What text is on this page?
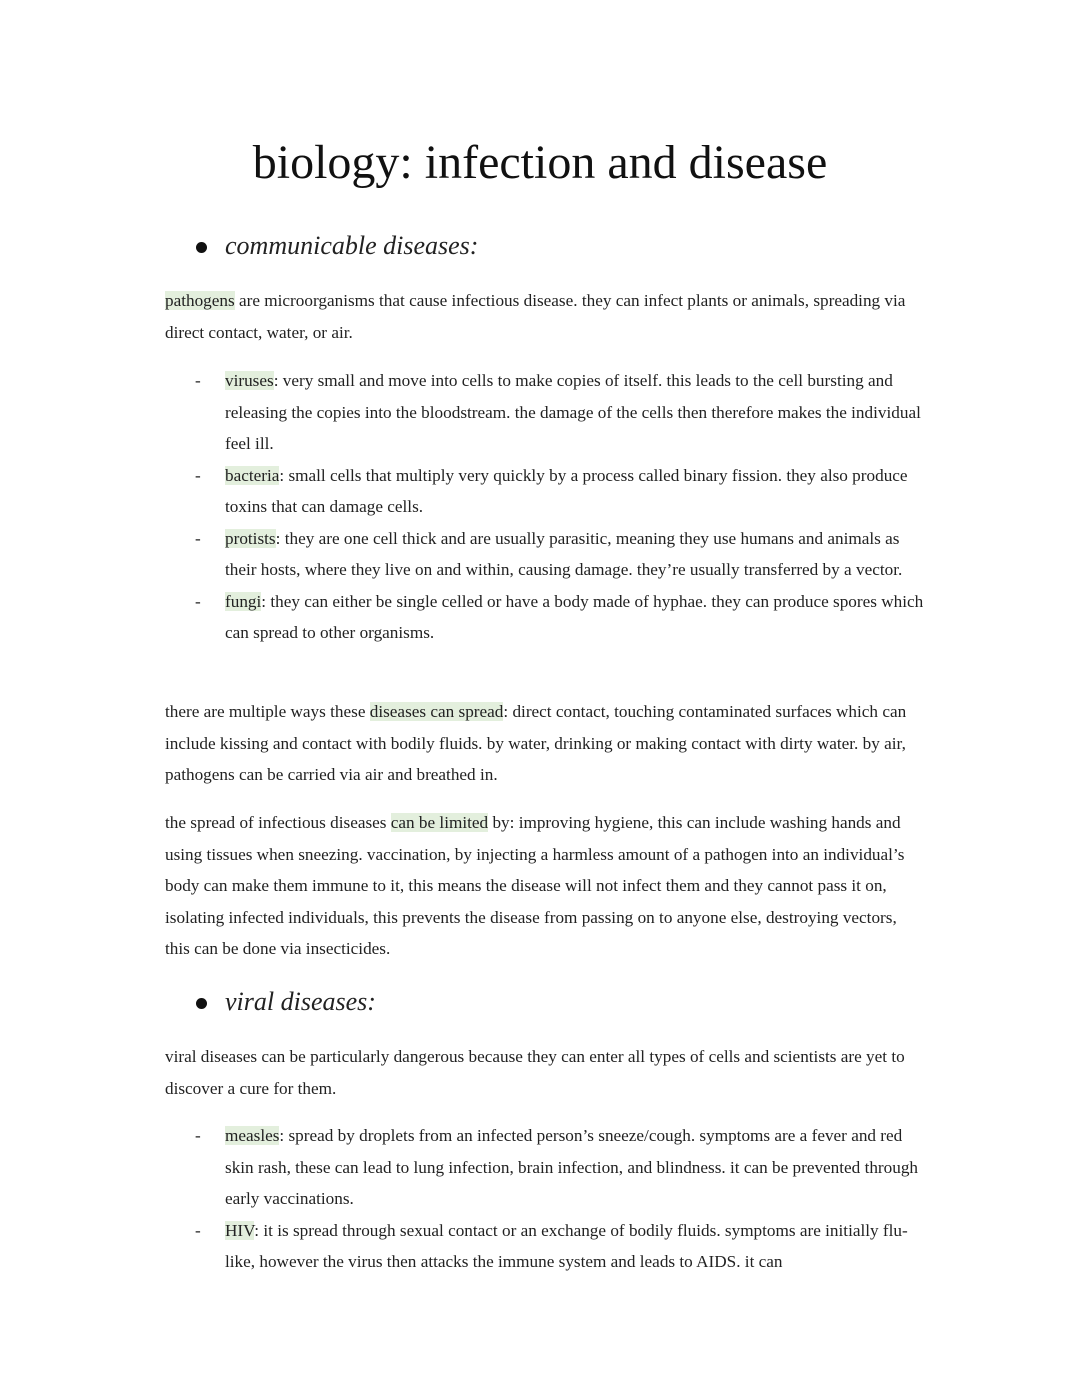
biology: infection and disease
communicable diseases:

pathogens are microorganisms that cause infectious disease. they can infect plants or animals, spreading via direct contact, water, or air.

- viruses: very small and move into cells to make copies of itself. this leads to the cell bursting and releasing the copies into the bloodstream. the damage of the cells then therefore makes the individual feel ill.
- bacteria: small cells that multiply very quickly by a process called binary fission. they also produce toxins that can damage cells.
- protists: they are one cell thick and are usually parasitic, meaning they use humans and animals as their hosts, where they live on and within, causing damage. they’re usually transferred by a vector.
- fungi: they can either be single celled or have a body made of hyphae. they can produce spores which can spread to other organisms.

there are multiple ways these diseases can spread: direct contact, touching contaminated surfaces which can include kissing and contact with bodily fluids. by water, drinking or making contact with dirty water. by air, pathogens can be carried via air and breathed in.

the spread of infectious diseases can be limited by: improving hygiene, this can include washing hands and using tissues when sneezing. vaccination, by injecting a harmless amount of a pathogen into an individual’s body can make them immune to it, this means the disease will not infect them and they cannot pass it on, isolating infected individuals, this prevents the disease from passing on to anyone else, destroying vectors, this can be done via insecticides.

viral diseases:

viral diseases can be particularly dangerous because they can enter all types of cells and scientists are yet to discover a cure for them.

- measles: spread by droplets from an infected person’s sneeze/cough. symptoms are a fever and red skin rash, these can lead to lung infection, brain infection, and blindness. it can be prevented through early vaccinations.
- HIV: it is spread through sexual contact or an exchange of bodily fluids. symptoms are initially flu-like, however the virus then attacks the immune system and leads to AIDS. it can
